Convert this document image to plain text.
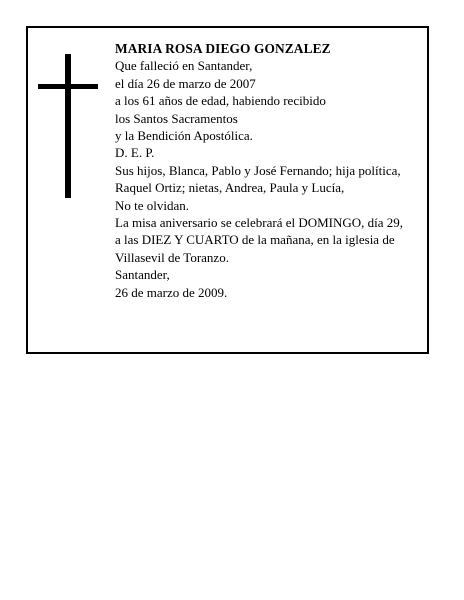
MARIA ROSA DIEGO GONZALEZ
Que falleció en Santander,
el día 26 de marzo de 2007
a los 61 años de edad, habiendo recibido
los Santos Sacramentos
y la Bendición Apostólica.
D. E. P.
Sus hijos, Blanca, Pablo y José Fernando; hija política,
Raquel Ortiz; nietas, Andrea, Paula y Lucía,
No te olvidan.
La misa aniversario se celebrará el DOMINGO, día 29,
a las DIEZ Y CUARTO de la mañana, en la iglesia de
Villasevil de Toranzo.
Santander,
26 de marzo de 2009.
